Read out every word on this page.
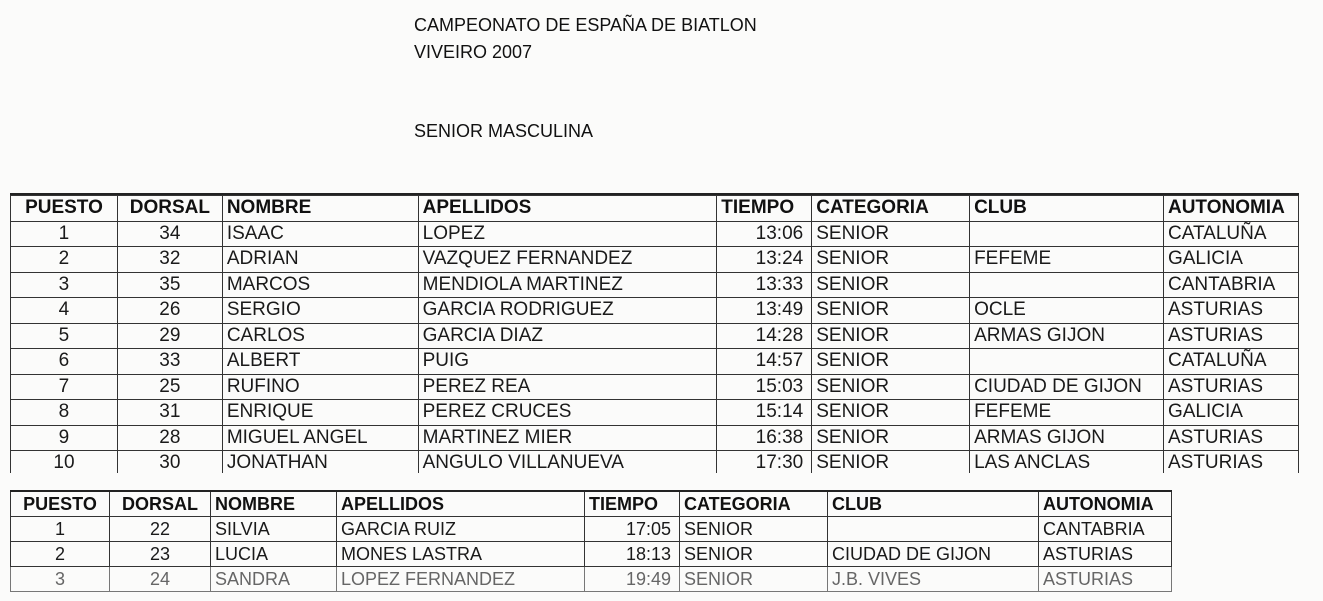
CAMPEONATO DE ESPAÑA DE BIATLON
VIVEIRO 2007
SENIOR MASCULINA
PUESTO	DORSAL	NOMBRE	APELLIDOS	TIEMPO	CATEGORIA	CLUB	AUTONOMIA
1	34	ISAAC	LOPEZ	13:06	SENIOR		CATALUÑA
2	32	ADRIAN	VAZQUEZ FERNANDEZ	13:24	SENIOR	FEFEME	GALICIA
3	35	MARCOS	MENDIOLA MARTINEZ	13:33	SENIOR		CANTABRIA
4	26	SERGIO	GARCIA RODRIGUEZ	13:49	SENIOR	OCLE	ASTURIAS
5	29	CARLOS	GARCIA DIAZ	14:28	SENIOR	ARMAS GIJON	ASTURIAS
6	33	ALBERT	PUIG	14:57	SENIOR		CATALUÑA
7	25	RUFINO	PEREZ REA	15:03	SENIOR	CIUDAD DE GIJON	ASTURIAS
8	31	ENRIQUE	PEREZ CRUCES	15:14	SENIOR	FEFEME	GALICIA
9	28	MIGUEL ANGEL	MARTINEZ MIER	16:38	SENIOR	ARMAS GIJON	ASTURIAS
10	30	JONATHAN	ANGULO VILLANUEVA	17:30	SENIOR	LAS ANCLAS	ASTURIAS
PUESTO	DORSAL	NOMBRE	APELLIDOS	TIEMPO	CATEGORIA	CLUB	AUTONOMIA
1	22	SILVIA	GARCIA RUIZ	17:05	SENIOR		CANTABRIA
2	23	LUCIA	MONES LASTRA	18:13	SENIOR	CIUDAD DE GIJON	ASTURIAS
3	24	SANDRA	LOPEZ FERNANDEZ	19:49	SENIOR	J.B. VIVES	ASTURIAS
